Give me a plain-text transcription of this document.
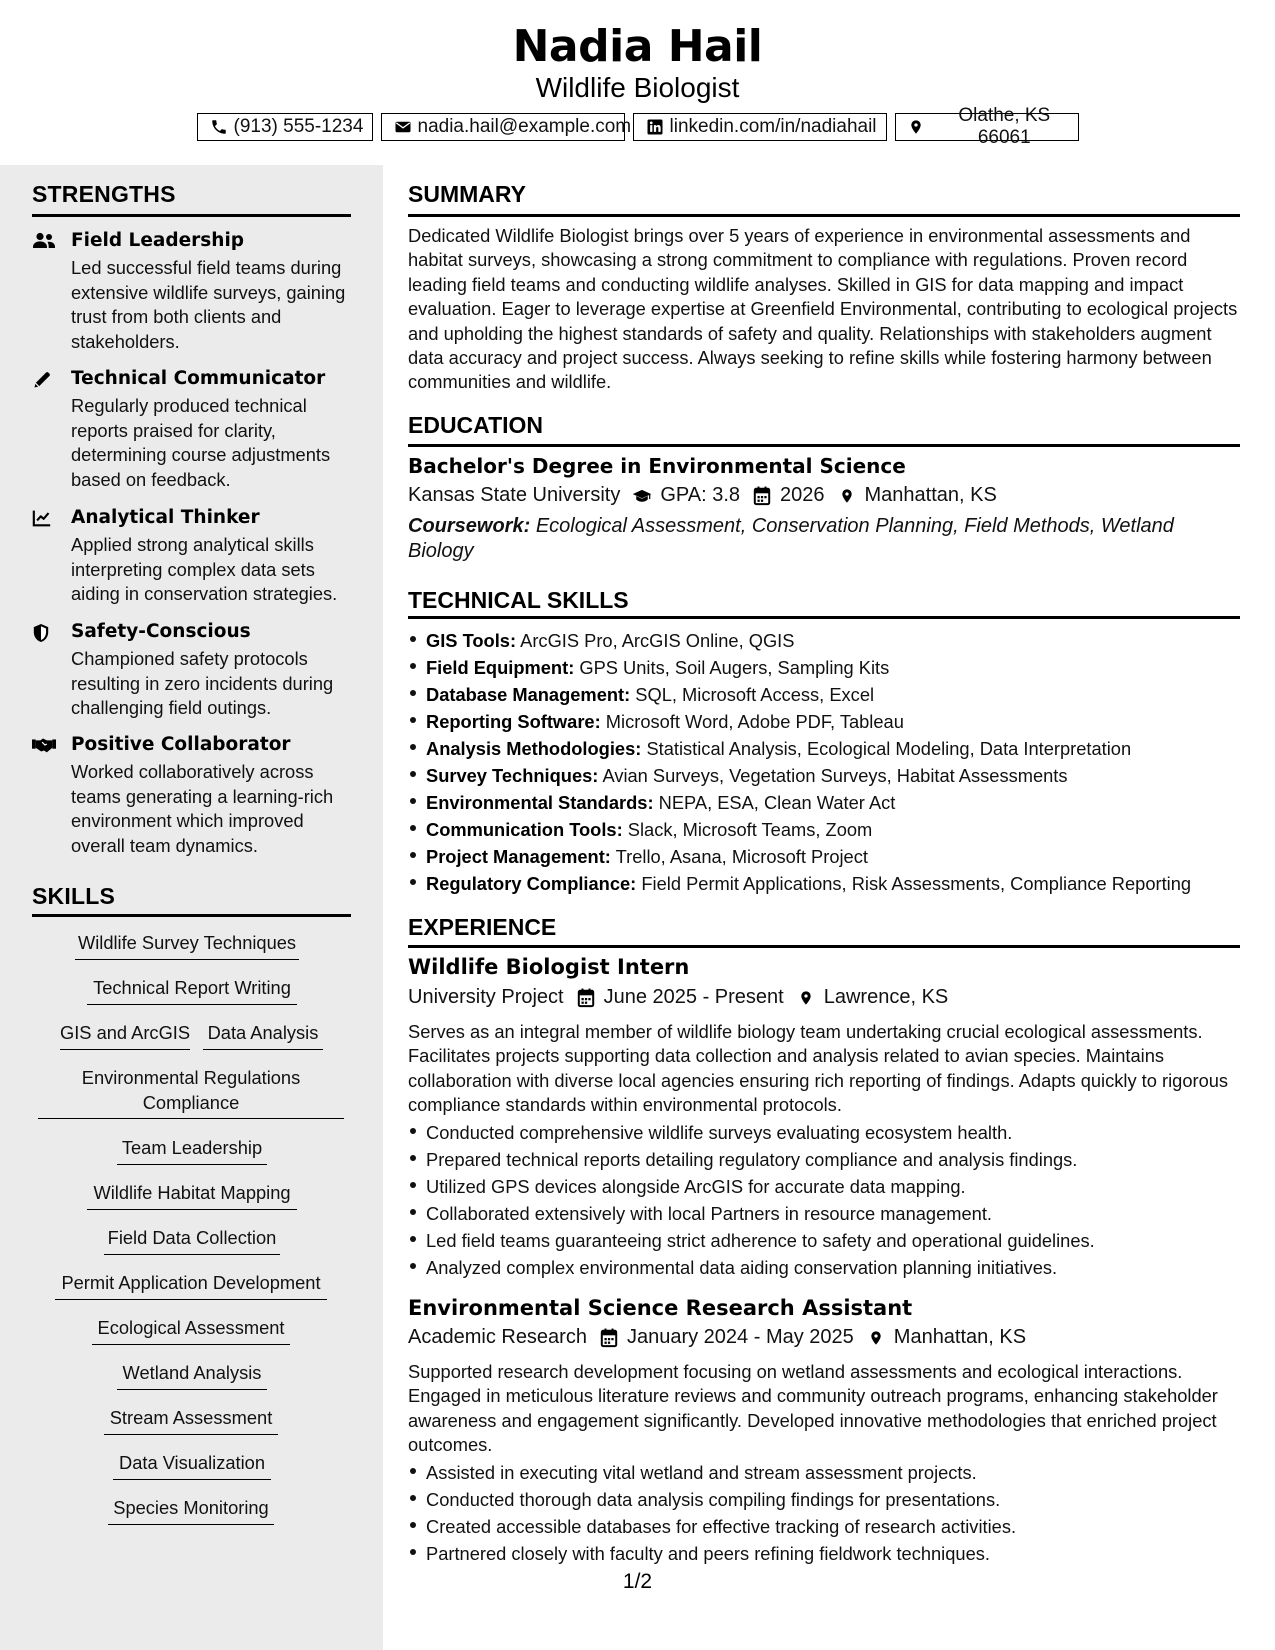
Nadia Hail
Wildlife Biologist
(913) 555-1234	nadia.hail@example.com linkedin.com/in/nadiahail
Olathe, KS 66061
STRENGTHS
Field Leadership
Led successful field teams during extensive wildlife surveys, gaining trust from both clients and stakeholders.
Technical Communicator
Regularly produced technical reports praised for clarity, determining course adjustments based on feedback.
Analytical Thinker
Applied strong analytical skills interpreting complex data sets aiding in conservation strategies.
Safety-Conscious
Championed safety protocols resulting in zero incidents during challenging field outings.
Positive Collaborator
Worked collaboratively across teams generating a learning-rich environment which improved overall team dynamics.
SKILLS
Wildlife Survey Techniques
Technical Report Writing
GIS and ArcGIS Data Analysis
Environmental Regulations Compliance
Team Leadership
Wildlife Habitat Mapping
Field Data Collection
Permit Application Development
Ecological Assessment
Wetland Analysis
Stream Assessment
Data Visualization
Species Monitoring
SUMMARY
Dedicated Wildlife Biologist brings over 5 years of experience in environmental assessments and habitat surveys, showcasing a strong commitment to compliance with regulations. Proven record leading field teams and conducting wildlife analyses. Skilled in GIS for data mapping and impact evaluation. Eager to leverage expertise at Greenfield Environmental, contributing to ecological projects and upholding the highest standards of safety and quality. Relationships with stakeholders augment data accuracy and project success. Always seeking to refine skills while fostering harmony between communities and wildlife.
EDUCATION
Bachelor's Degree in Environmental Science
Kansas State University GPA: 3.8 2026 Manhattan, KS
Coursework: Ecological Assessment, Conservation Planning, Field Methods, Wetland Biology
TECHNICAL SKILLS
GIS Tools: ArcGIS Pro, ArcGIS Online, QGIS
Field Equipment: GPS Units, Soil Augers, Sampling Kits
Database Management: SQL, Microsoft Access, Excel
Reporting Software: Microsoft Word, Adobe PDF, Tableau
Analysis Methodologies: Statistical Analysis, Ecological Modeling, Data Interpretation
Survey Techniques: Avian Surveys, Vegetation Surveys, Habitat Assessments
Environmental Standards: NEPA, ESA, Clean Water Act
Communication Tools: Slack, Microsoft Teams, Zoom
Project Management: Trello, Asana, Microsoft Project
Regulatory Compliance: Field Permit Applications, Risk Assessments, Compliance Reporting
EXPERIENCE
Wildlife Biologist Intern
University Project June 2025 - Present Lawrence, KS
Serves as an integral member of wildlife biology team undertaking crucial ecological assessments. Facilitates projects supporting data collection and analysis related to avian species. Maintains collaboration with diverse local agencies ensuring rich reporting of findings. Adapts quickly to rigorous compliance standards within environmental protocols.
Conducted comprehensive wildlife surveys evaluating ecosystem health.
Prepared technical reports detailing regulatory compliance and analysis findings.
Utilized GPS devices alongside ArcGIS for accurate data mapping.
Collaborated extensively with local Partners in resource management.
Led field teams guaranteeing strict adherence to safety and operational guidelines.
Analyzed complex environmental data aiding conservation planning initiatives.
Environmental Science Research Assistant
Academic Research January 2024 - May 2025 Manhattan, KS
Supported research development focusing on wetland assessments and ecological interactions. Engaged in meticulous literature reviews and community outreach programs, enhancing stakeholder awareness and engagement significantly. Developed innovative methodologies that enriched project outcomes.
Assisted in executing vital wetland and stream assessment projects.
Conducted thorough data analysis compiling findings for presentations.
Created accessible databases for effective tracking of research activities.
Partnered closely with faculty and peers refining fieldwork techniques.
1/2
